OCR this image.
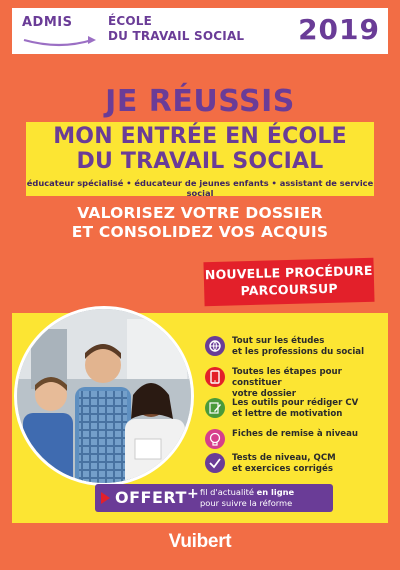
ADMIS	ÉCOLE
DU TRAVAIL SOCIAL 2019
JE RÉUSSIS
MON ENTRÉE EN ÉCOLE
DU TRAVAIL SOCIAL
éducateur spécialisé • éducateur de jeunes enfants • assistant de service social
VALORISEZ VOTRE DOSSIER
ET CONSOLIDEZ VOS ACQUIS
NOUVELLE PROCÉDURE
PARCOURSUP
Tout sur les études
et les professions du social
Toutes les étapes pour constituer
votre dossier
Les outils pour rédiger CV
et lettre de motivation
Fiches de remise à niveau
Tests de niveau, QCM
et exercices corrigés
OFFERT + fil d'actualité en ligne
pour suivre la réforme
Vuibert
